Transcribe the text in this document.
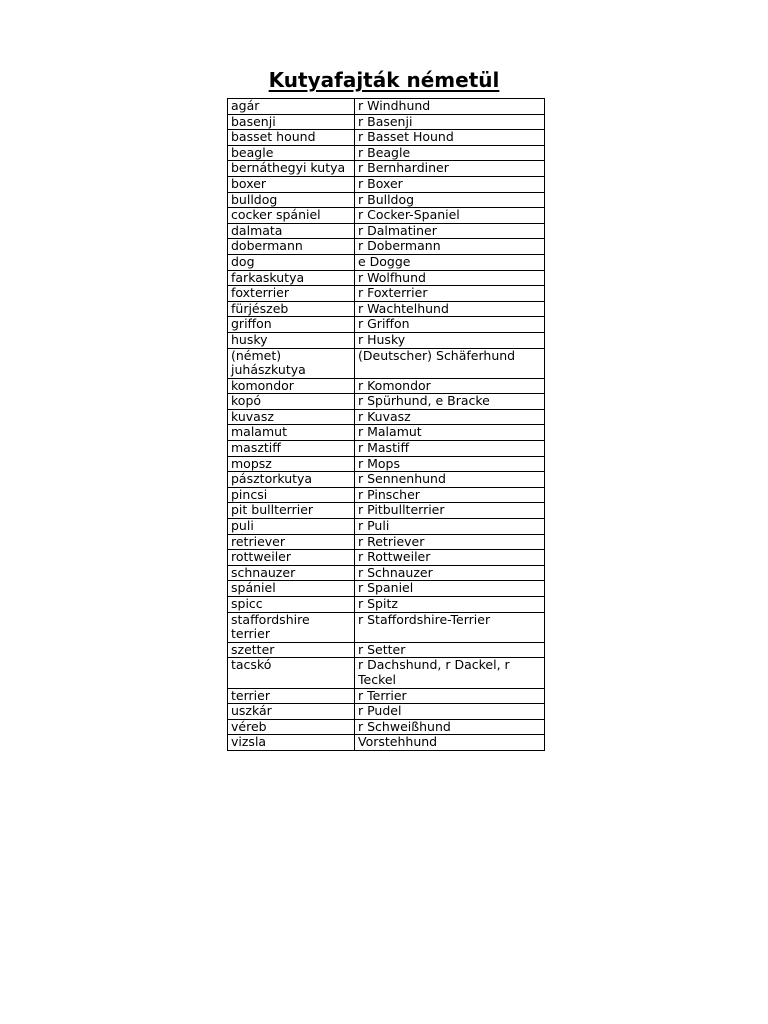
Kutyafajták németül
agár	r Windhund
basenji	r Basenji
basset hound	r Basset Hound
beagle	r Beagle
bernáthegyi kutya	r Bernhardiner
boxer	r Boxer
bulldog	r Bulldog
cocker spániel	r Cocker-Spaniel
dalmata	r Dalmatiner
dobermann	r Dobermann
dog	e Dogge
farkaskutya	r Wolfhund
foxterrier	r Foxterrier
fürjészeb	r Wachtelhund
griffon	r Griffon
husky	r Husky
(német) juhászkutya	(Deutscher) Schäferhund
komondor	r Komondor
kopó	r Spürhund, e Bracke
kuvasz	r Kuvasz
malamut	r Malamut
masztiff	r Mastiff
mopsz	r Mops
pásztorkutya	r Sennenhund
pincsi	r Pinscher
pit bullterrier	r Pitbullterrier
puli	r Puli
retriever	r Retriever
rottweiler	r Rottweiler
schnauzer	r Schnauzer
spániel	r Spaniel
spicc	r Spitz
staffordshire terrier	r Staffordshire-Terrier
szetter	r Setter
tacskó	r Dachshund, r Dackel, r Teckel
terrier	r Terrier
uszkár	r Pudel
véreb	r Schweißhund
vizsla	Vorstehhund
